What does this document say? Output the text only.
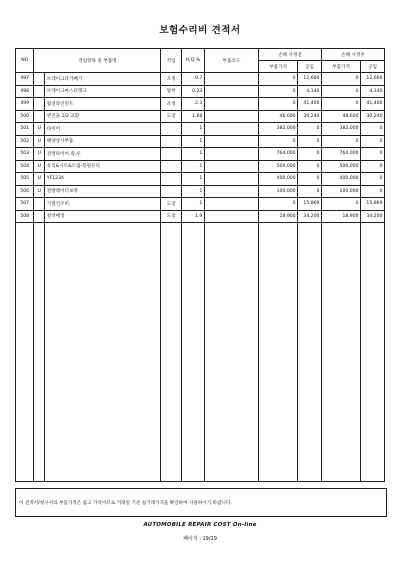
보험수리비 견적서
NO	작업항목 및 부품명		작업	H,Q,%	부품코드	손해 사정전		손해 사정후	
						부품가격	공임	부품가격	공임
497		브레이크라기빼기	조정	0.7		0	12,600	0	12,600
498		브레이크마스터탱크	탈착	0.23		0	4,140	0	4,140
499		휠얼라인먼트	조정	2.3		0	41,400	0	41,400
500		엔진을 1/2 교환	도장	1.68		46,600	30,240	46,600	30,240
501	U	타이어		1		382,000	0	382,000	0
502	U	해양상사부품		1		0	0	0	0
503	U	전면타이어 좌,우		1		764,000	0	764,000	0
504	U	유리&시트&트림-복원유리		1		500,000	0	500,000	0
505	U	YF1234		1		400,000	0	400,000	0
506	U	전방레이더보정		1		100,000	0	100,000	0
507		가열건조비	도장	1		0	15,869	0	15,869
508		컬러매칭	도장	1.9		18,900	34,200	18,900	34,200

이 견적서/청구서의 부품가격은 참고 가격이므로 거래일 기준 실거래가격을 확인하여 사용하시기 바랍니다.
AUTOMOBILE REPAIR COST On-line
페이지 : 19/19
